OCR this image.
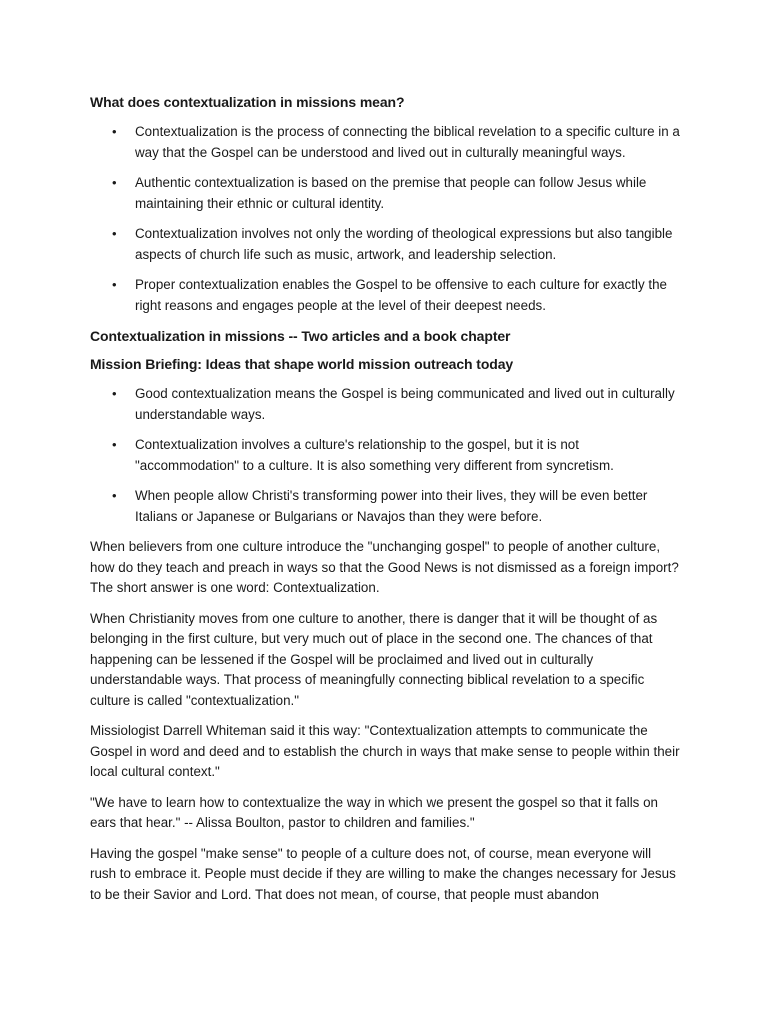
What does contextualization in missions mean?
• Contextualization is the process of connecting the biblical revelation to a specific culture in a way that the Gospel can be understood and lived out in culturally meaningful ways.
• Authentic contextualization is based on the premise that people can follow Jesus while maintaining their ethnic or cultural identity.
• Contextualization involves not only the wording of theological expressions but also tangible aspects of church life such as music, artwork, and leadership selection.
• Proper contextualization enables the Gospel to be offensive to each culture for exactly the right reasons and engages people at the level of their deepest needs.
Contextualization in missions -- Two articles and a book chapter
Mission Briefing: Ideas that shape world mission outreach today
• Good contextualization means the Gospel is being communicated and lived out in culturally understandable ways.
• Contextualization involves a culture's relationship to the gospel, but it is not "accommodation" to a culture. It is also something very different from syncretism.
• When people allow Christi's transforming power into their lives, they will be even better Italians or Japanese or Bulgarians or Navajos than they were before.

When believers from one culture introduce the "unchanging gospel" to people of another culture, how do they teach and preach in ways so that the Good News is not dismissed as a foreign import? The short answer is one word: Contextualization.

When Christianity moves from one culture to another, there is danger that it will be thought of as belonging in the first culture, but very much out of place in the second one. The chances of that happening can be lessened if the Gospel will be proclaimed and lived out in culturally understandable ways. That process of meaningfully connecting biblical revelation to a specific culture is called "contextualization."

Missiologist Darrell Whiteman said it this way: "Contextualization attempts to communicate the Gospel in word and deed and to establish the church in ways that make sense to people within their local cultural context."

"We have to learn how to contextualize the way in which we present the gospel so that it falls on ears that hear." -- Alissa Boulton, pastor to children and families."

Having the gospel "make sense" to people of a culture does not, of course, mean everyone will rush to embrace it. People must decide if they are willing to make the changes necessary for Jesus to be their Savior and Lord. That does not mean, of course, that people must abandon
